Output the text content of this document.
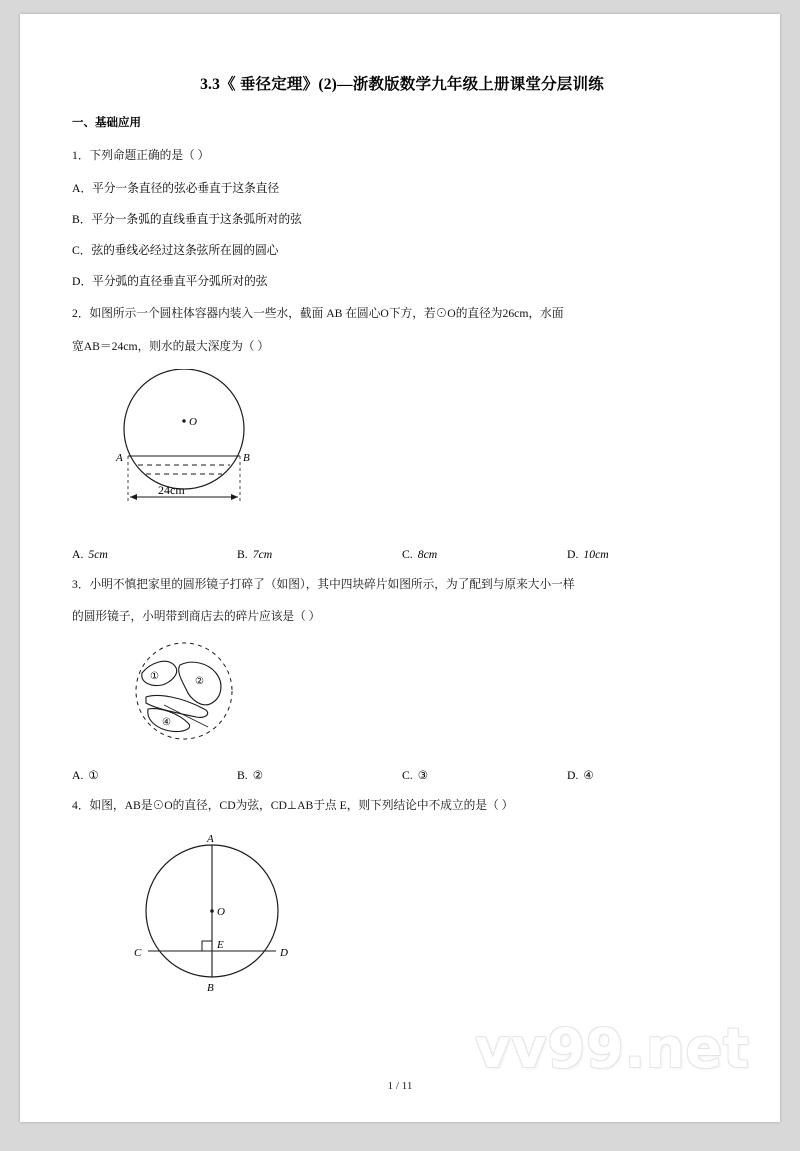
3.3《 垂径定理》(2)—浙教版数学九年级上册课堂分层训练
一、基础应用
1．下列命题正确的是（ ）
A．平分一条直径的弦必垂直于这条直径
B．平分一条弧的直线垂直于这条弧所对的弦
C．弦的垂线必经过这条弦所在圆的圆心
D．平分弧的直径垂直平分弧所对的弦
2．如图所示一个圆柱体容器内装入一些水，截面 AB 在圆心O下方，若⊙O的直径为26cm，水面
宽AB＝24cm，则水的最大深度为（ ）
O
A	B
24cm
A. 5cm	B. 7cm	C. 8cm	D. 10cm
3．小明不慎把家里的圆形镜子打碎了（如图），其中四块碎片如图所示，为了配到与原来大小一样
的圆形镜子，小明带到商店去的碎片应该是（ ）
①	②
④
A. ①	B. ②	C. ③	D. ④
4．如图，AB是⊙O的直径，CD为弦，CD⊥AB于点 E，则下列结论中不成立的是（ ）
A
B
C	D
O
E
vv99.net
1 / 11
